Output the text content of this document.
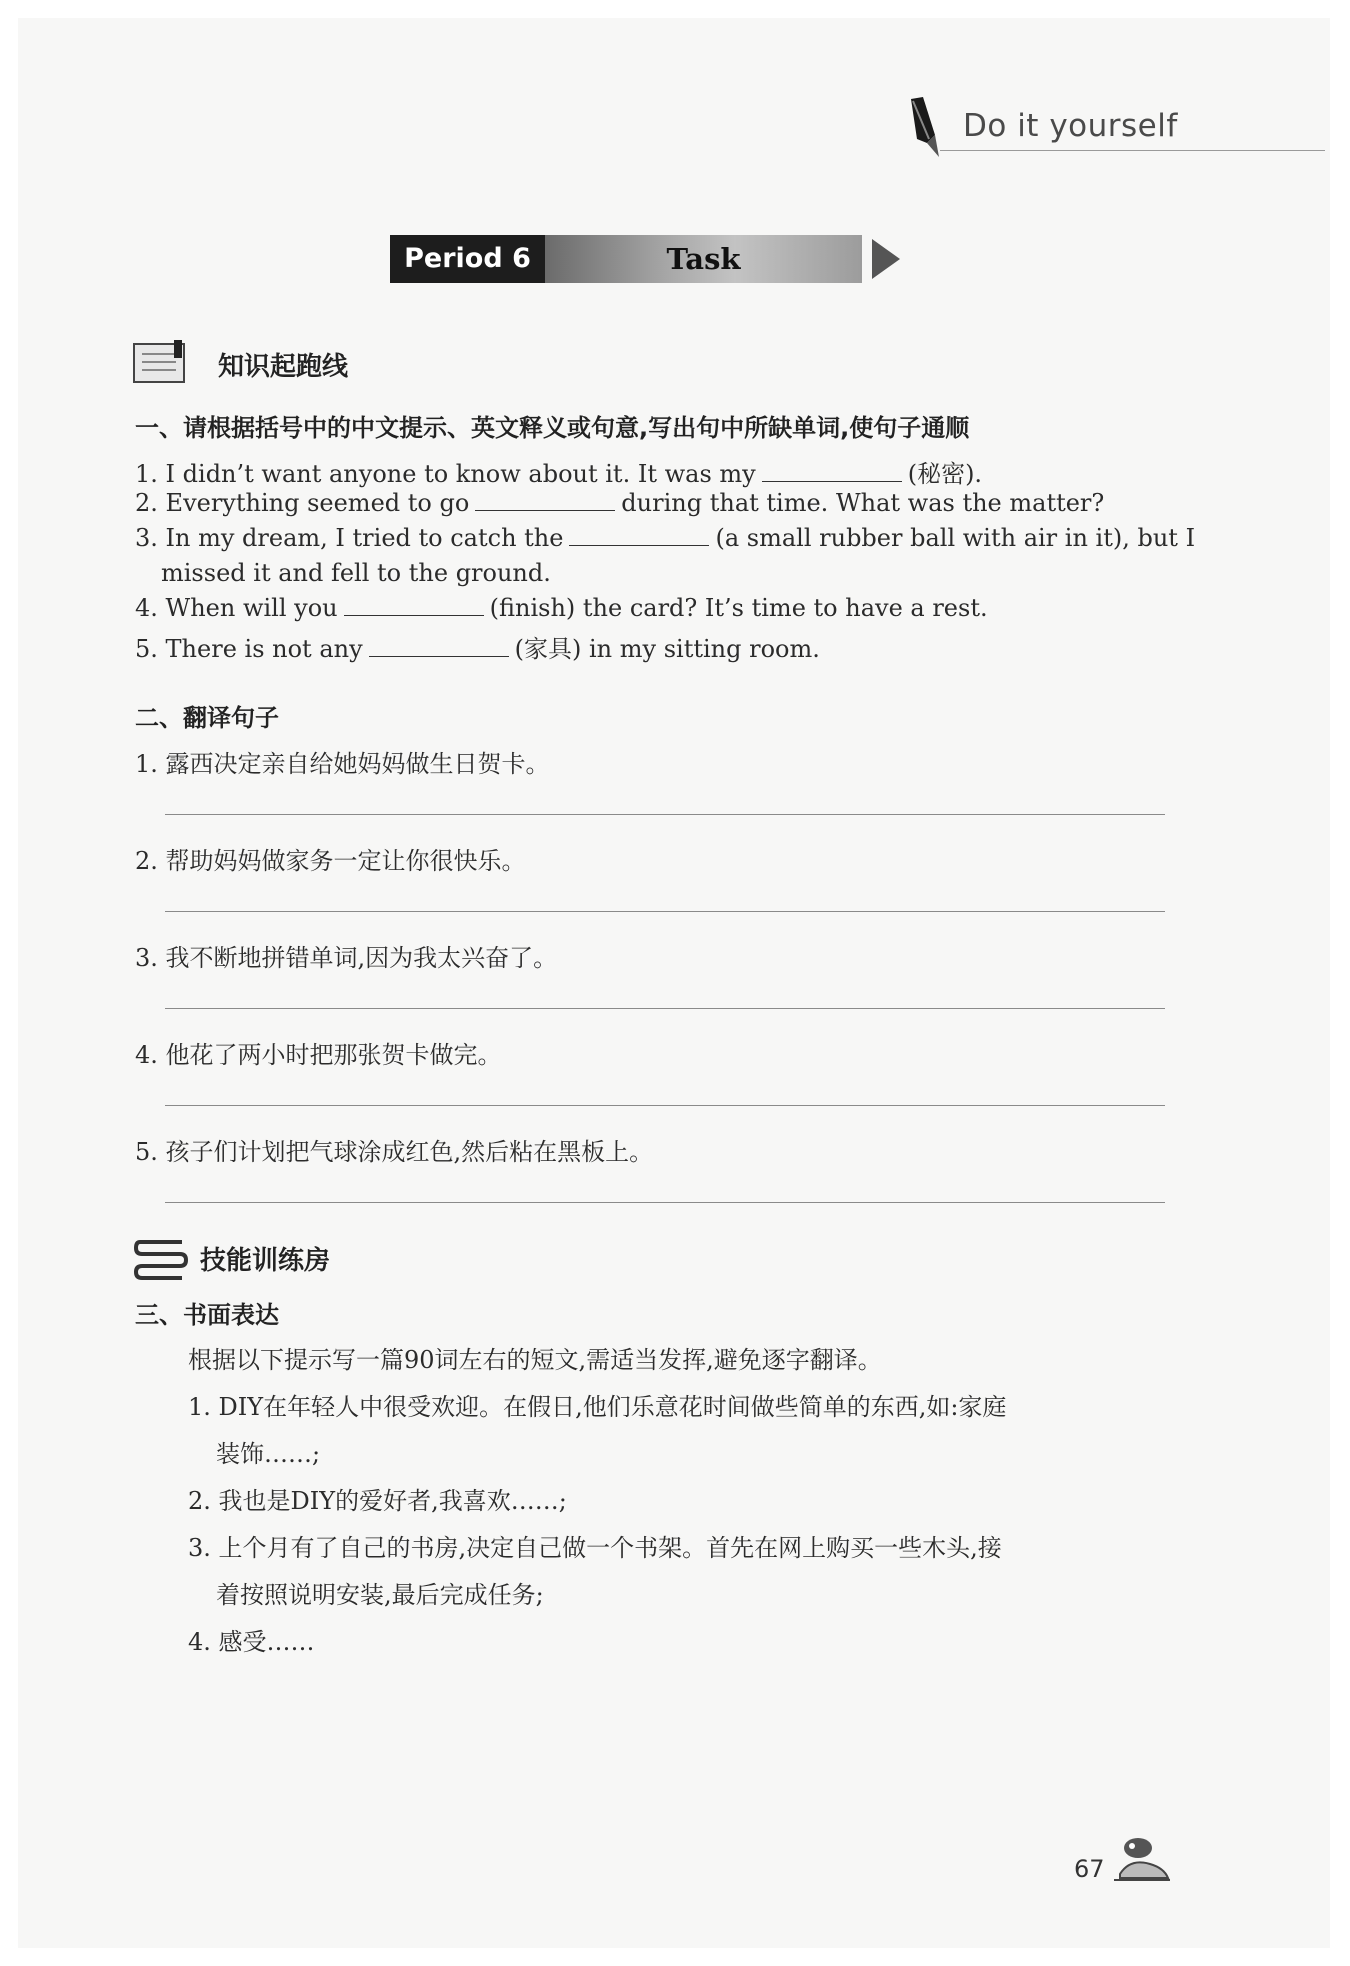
Do it yourself
Period 6	Task
知识起跑线
一、请根据括号中的中文提示、英文释义或句意,写出句中所缺单词,使句子通顺
1. I didn’t want anyone to know about it. It was my	(秘密).
2. Everything seemed to go	during that time. What was the matter?
3. In my dream, I tried to catch the	(a small rubber ball with air in it), but I
missed it and fell to the ground.
4. When will you	(finish) the card? It’s time to have a rest.
5. There is not any	(家具) in my sitting room.
二、翻译句子
1. 露西决定亲自给她妈妈做生日贺卡。
2. 帮助妈妈做家务一定让你很快乐。
3. 我不断地拼错单词,因为我太兴奋了。
4. 他花了两小时把那张贺卡做完。
5. 孩子们计划把气球涂成红色,然后粘在黑板上。
技能训练房
三、书面表达
根据以下提示写一篇90词左右的短文,需适当发挥,避免逐字翻译。
1. DIY在年轻人中很受欢迎。在假日,他们乐意花时间做些简单的东西,如:家庭
装饰……;
2. 我也是DIY的爱好者,我喜欢……;
3. 上个月有了自己的书房,决定自己做一个书架。首先在网上购买一些木头,接
着按照说明安装,最后完成任务;
4. 感受……
67
